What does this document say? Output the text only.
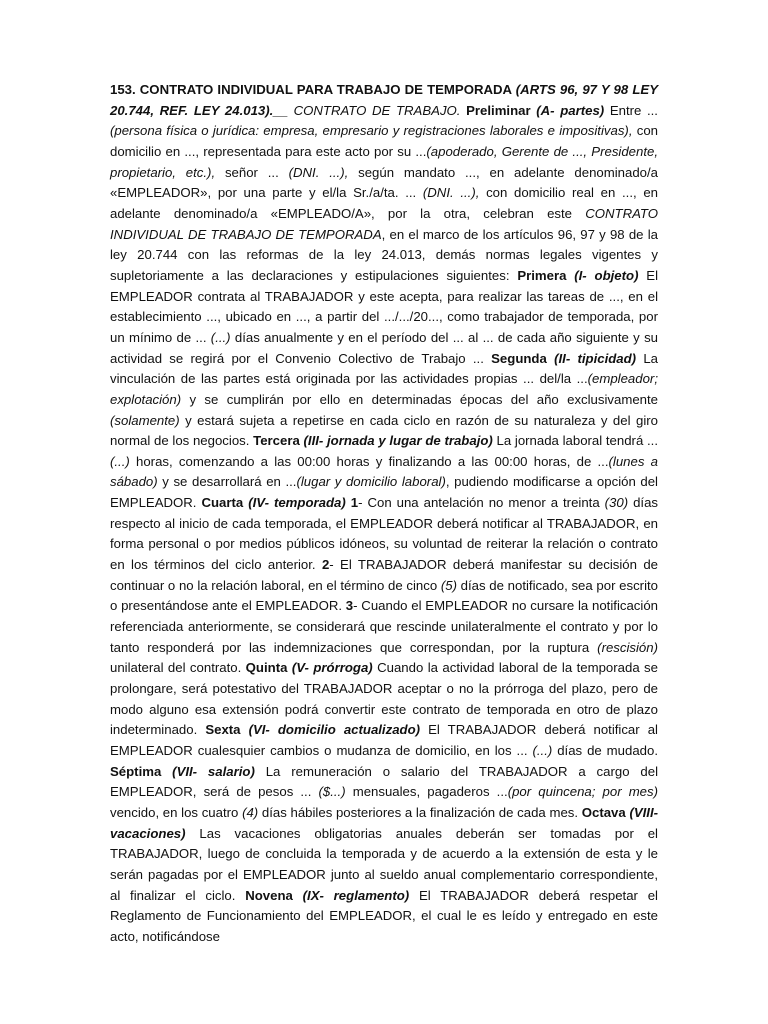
153. CONTRATO INDIVIDUAL PARA TRABAJO DE TEMPORADA (ARTS 96, 97 Y 98 LEY 20.744, REF. LEY 24.013).__ CONTRATO DE TRABAJO. Preliminar (A- partes) Entre ... (persona física o jurídica: empresa, empresario y registraciones laborales e impositivas), con domicilio en ..., representada para este acto por su ...(apoderado, Gerente de ..., Presidente, propietario, etc.), señor ... (DNI. ...), según mandato ..., en adelante denominado/a «EMPLEADOR», por una parte y el/la Sr./a/ta. ... (DNI. ...), con domicilio real en ..., en adelante denominado/a «EMPLEADO/A», por la otra, celebran este CONTRATO INDIVIDUAL DE TRABAJO DE TEMPORADA, en el marco de los artículos 96, 97 y 98 de la ley 20.744 con las reformas de la ley 24.013, demás normas legales vigentes y supletoriamente a las declaraciones y estipulaciones siguientes: Primera (I- objeto) El EMPLEADOR contrata al TRABAJADOR y este acepta, para realizar las tareas de ..., en el establecimiento ..., ubicado en ..., a partir del .../.../20..., como trabajador de temporada, por un mínimo de ... (...) días anualmente y en el período del ... al ... de cada año siguiente y su actividad se regirá por el Convenio Colectivo de Trabajo ... Segunda (II- tipicidad) La vinculación de las partes está originada por las actividades propias ... del/la ...(empleador; explotación) y se cumplirán por ello en determinadas épocas del año exclusivamente (solamente) y estará sujeta a repetirse en cada ciclo en razón de su naturaleza y del giro normal de los negocios. Tercera (III- jornada y lugar de trabajo) La jornada laboral tendrá ... (...) horas, comenzando a las 00:00 horas y finalizando a las 00:00 horas, de ...(lunes a sábado) y se desarrollará en ...(lugar y domicilio laboral), pudiendo modificarse a opción del EMPLEADOR. Cuarta (IV- temporada) 1- Con una antelación no menor a treinta (30) días respecto al inicio de cada temporada, el EMPLEADOR deberá notificar al TRABAJADOR, en forma personal o por medios públicos idóneos, su voluntad de reiterar la relación o contrato en los términos del ciclo anterior. 2- El TRABAJADOR deberá manifestar su decisión de continuar o no la relación laboral, en el término de cinco (5) días de notificado, sea por escrito o presentándose ante el EMPLEADOR. 3- Cuando el EMPLEADOR no cursare la notificación referenciada anteriormente, se considerará que rescinde unilateralmente el contrato y por lo tanto responderá por las indemnizaciones que correspondan, por la ruptura (rescisión) unilateral del contrato. Quinta (V- prórroga) Cuando la actividad laboral de la temporada se prolongare, será potestativo del TRABAJADOR aceptar o no la prórroga del plazo, pero de modo alguno esa extensión podrá convertir este contrato de temporada en otro de plazo indeterminado. Sexta (VI- domicilio actualizado) El TRABAJADOR deberá notificar al EMPLEADOR cualesquier cambios o mudanza de domicilio, en los ... (...) días de mudado. Séptima (VII- salario) La remuneración o salario del TRABAJADOR a cargo del EMPLEADOR, será de pesos ... ($...) mensuales, pagaderos ...(por quincena; por mes) vencido, en los cuatro (4) días hábiles posteriores a la finalización de cada mes. Octava (VIII- vacaciones) Las vacaciones obligatorias anuales deberán ser tomadas por el TRABAJADOR, luego de concluida la temporada y de acuerdo a la extensión de esta y le serán pagadas por el EMPLEADOR junto al sueldo anual complementario correspondiente, al finalizar el ciclo. Novena (IX- reglamento) El TRABAJADOR deberá respetar el Reglamento de Funcionamiento del EMPLEADOR, el cual le es leído y entregado en este acto, notificándose
